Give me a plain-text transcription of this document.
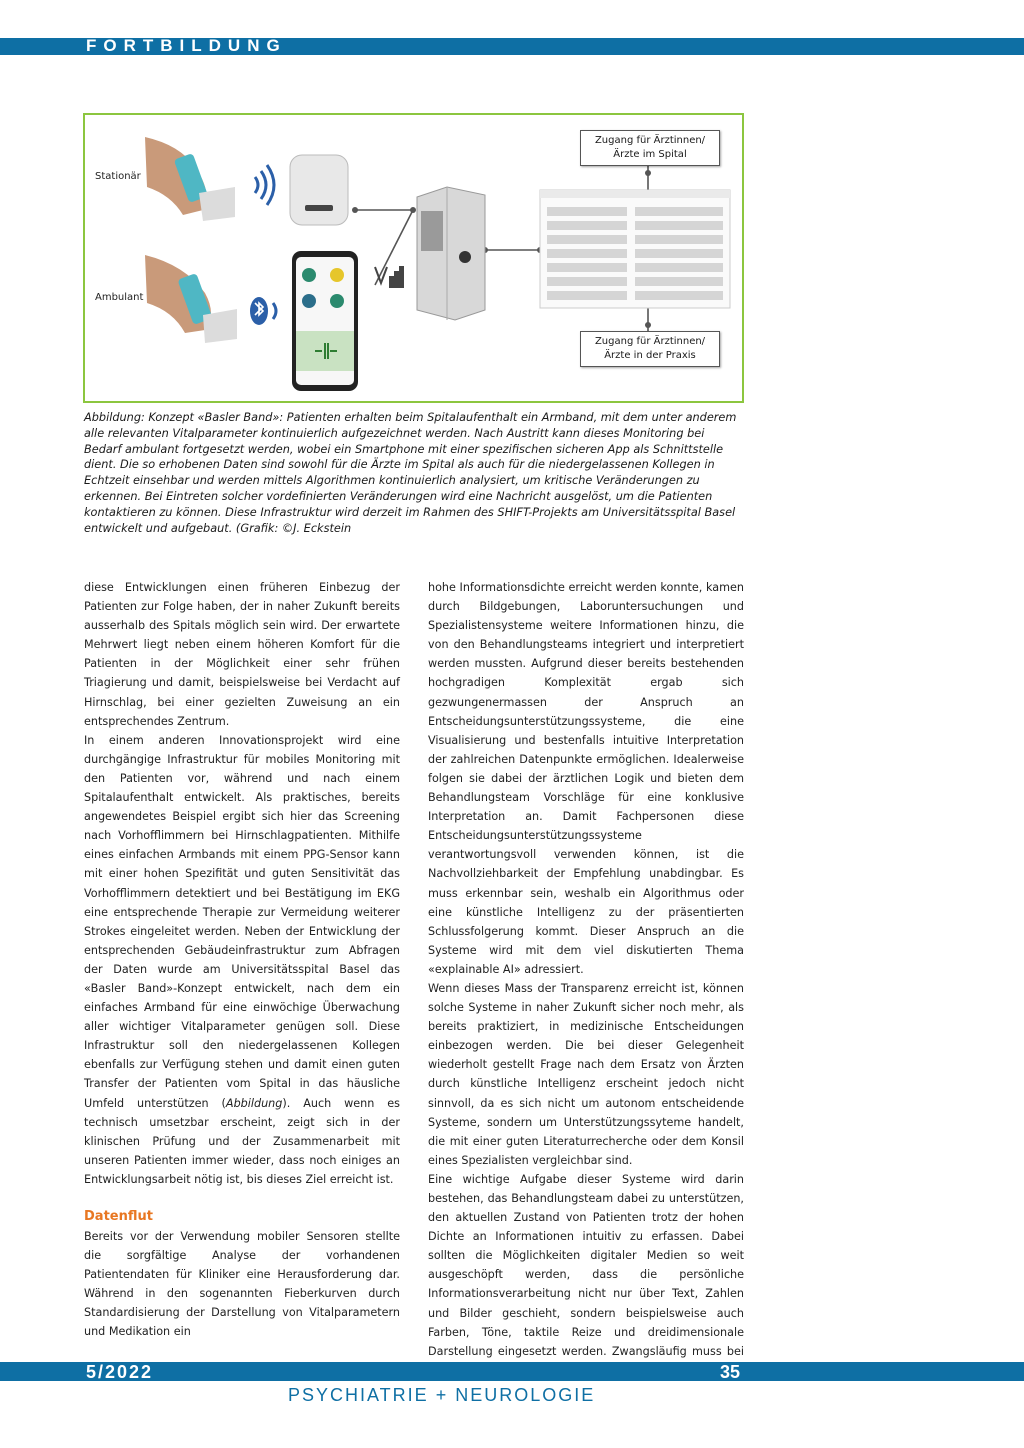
FORTBILDUNG
Stationär
Ambulant
Zugang für Ärztinnen/Ärzte im Spital
Zugang für Ärztinnen/Ärzte in der Praxis

Abbildung: Konzept «Basler Band»: Patienten erhalten beim Spitalaufenthalt ein Armband, mit dem unter anderem alle relevanten Vitalparameter kontinuierlich aufgezeichnet werden. Nach Austritt kann dieses Monitoring bei Bedarf ambulant fortgesetzt werden, wobei ein Smartphone mit einer spezifischen sicheren App als Schnittstelle dient. Die so erhobenen Daten sind sowohl für die Ärzte im Spital als auch für die niedergelassenen Kollegen in Echtzeit einsehbar und werden mittels Algorithmen kontinuierlich analysiert, um kritische Veränderungen zu erkennen. Bei Eintreten solcher vordefinierten Veränderungen wird eine Nachricht ausgelöst, um die Patienten kontaktieren zu können. Diese Infrastruktur wird derzeit im Rahmen des SHIFT-Projekts am Universitätsspital Basel entwickelt und aufgebaut. (Grafik: ©J. Eckstein

diese Entwicklungen einen früheren Einbezug der Patienten zur Folge haben, der in naher Zukunft bereits ausserhalb des Spitals möglich sein wird. Der erwartete Mehrwert liegt neben einem höheren Komfort für die Patienten in der Möglichkeit einer sehr frühen Triagierung und damit, beispielsweise bei Verdacht auf Hirnschlag, bei einer gezielten Zuweisung an ein entsprechendes Zentrum.

In einem anderen Innovationsprojekt wird eine durchgängige Infrastruktur für mobiles Monitoring mit den Patienten vor, während und nach einem Spitalaufenthalt entwickelt. Als praktisches, bereits angewendetes Beispiel ergibt sich hier das Screening nach Vorhofflimmern bei Hirnschlagpatienten. Mithilfe eines einfachen Armbands mit einem PPG-Sensor kann mit einer hohen Spezifität und guten Sensitivität das Vorhofflimmern detektiert und bei Bestätigung im EKG eine entsprechende Therapie zur Vermeidung weiterer Strokes eingeleitet werden. Neben der Entwicklung der entsprechenden Gebäudeinfrastruktur zum Abfragen der Daten wurde am Universitätsspital Basel das «Basler Band»-Konzept entwickelt, nach dem ein einfaches Armband für eine einwöchige Überwachung aller wichtiger Vitalparameter genügen soll. Diese Infrastruktur soll den niedergelassenen Kollegen ebenfalls zur Verfügung stehen und damit einen guten Transfer der Patienten vom Spital in das häusliche Umfeld unterstützen (Abbildung). Auch wenn es technisch umsetzbar erscheint, zeigt sich in der klinischen Prüfung und der Zusammenarbeit mit unseren Patienten immer wieder, dass noch einiges an Entwicklungsarbeit nötig ist, bis dieses Ziel erreicht ist.

Datenflut

Bereits vor der Verwendung mobiler Sensoren stellte die sorgfältige Analyse der vorhandenen Patientendaten für Kliniker eine Herausforderung dar. Während in den sogenannten Fieberkurven durch Standardisierung der Darstellung von Vitalparametern und Medikation ein

hohe Informationsdichte erreicht werden konnte, kamen durch Bildgebungen, Laboruntersuchungen und Spezialistensysteme weitere Informationen hinzu, die von den Behandlungsteams integriert und interpretiert werden mussten. Aufgrund dieser bereits bestehenden hochgradigen Komplexität ergab sich gezwungenermassen der Anspruch an Entscheidungsunterstützungssysteme, die eine Visualisierung und bestenfalls intuitive Interpretation der zahlreichen Datenpunkte ermöglichen. Idealerweise folgen sie dabei der ärztlichen Logik und bieten dem Behandlungsteam Vorschläge für eine konklusive Interpretation an. Damit Fachpersonen diese Entscheidungsunterstützungssysteme verantwortungsvoll verwenden können, ist die Nachvollziehbarkeit der Empfehlung unabdingbar. Es muss erkennbar sein, weshalb ein Algorithmus oder eine künstliche Intelligenz zu der präsentierten Schlussfolgerung kommt. Dieser Anspruch an die Systeme wird mit dem viel diskutierten Thema «explainable AI» adressiert.

Wenn dieses Mass der Transparenz erreicht ist, können solche Systeme in naher Zukunft sicher noch mehr, als bereits praktiziert, in medizinische Entscheidungen einbezogen werden. Die bei dieser Gelegenheit wiederholt gestellt Frage nach dem Ersatz von Ärzten durch künstliche Intelligenz erscheint jedoch nicht sinnvoll, da es sich nicht um autonom entscheidende Systeme, sondern um Unterstützungssyteme handelt, die mit einer guten Literaturrecherche oder dem Konsil eines Spezialisten vergleichbar sind.

Eine wichtige Aufgabe dieser Systeme wird darin bestehen, das Behandlungsteam dabei zu unterstützen, den aktuellen Zustand von Patienten trotz der hohen Dichte an Informationen intuitiv zu erfassen. Dabei sollten die Möglichkeiten digitaler Medien so weit ausgeschöpft werden, dass die persönliche Informationsverarbeitung nicht nur über Text, Zahlen und Bilder geschieht, sondern beispielsweise auch Farben, Töne, taktile Reize und dreidimensionale Darstellung eingesetzt werden. Zwangsläufig muss bei

5/2022	35
PSYCHIATRIE + NEUROLOGIE
